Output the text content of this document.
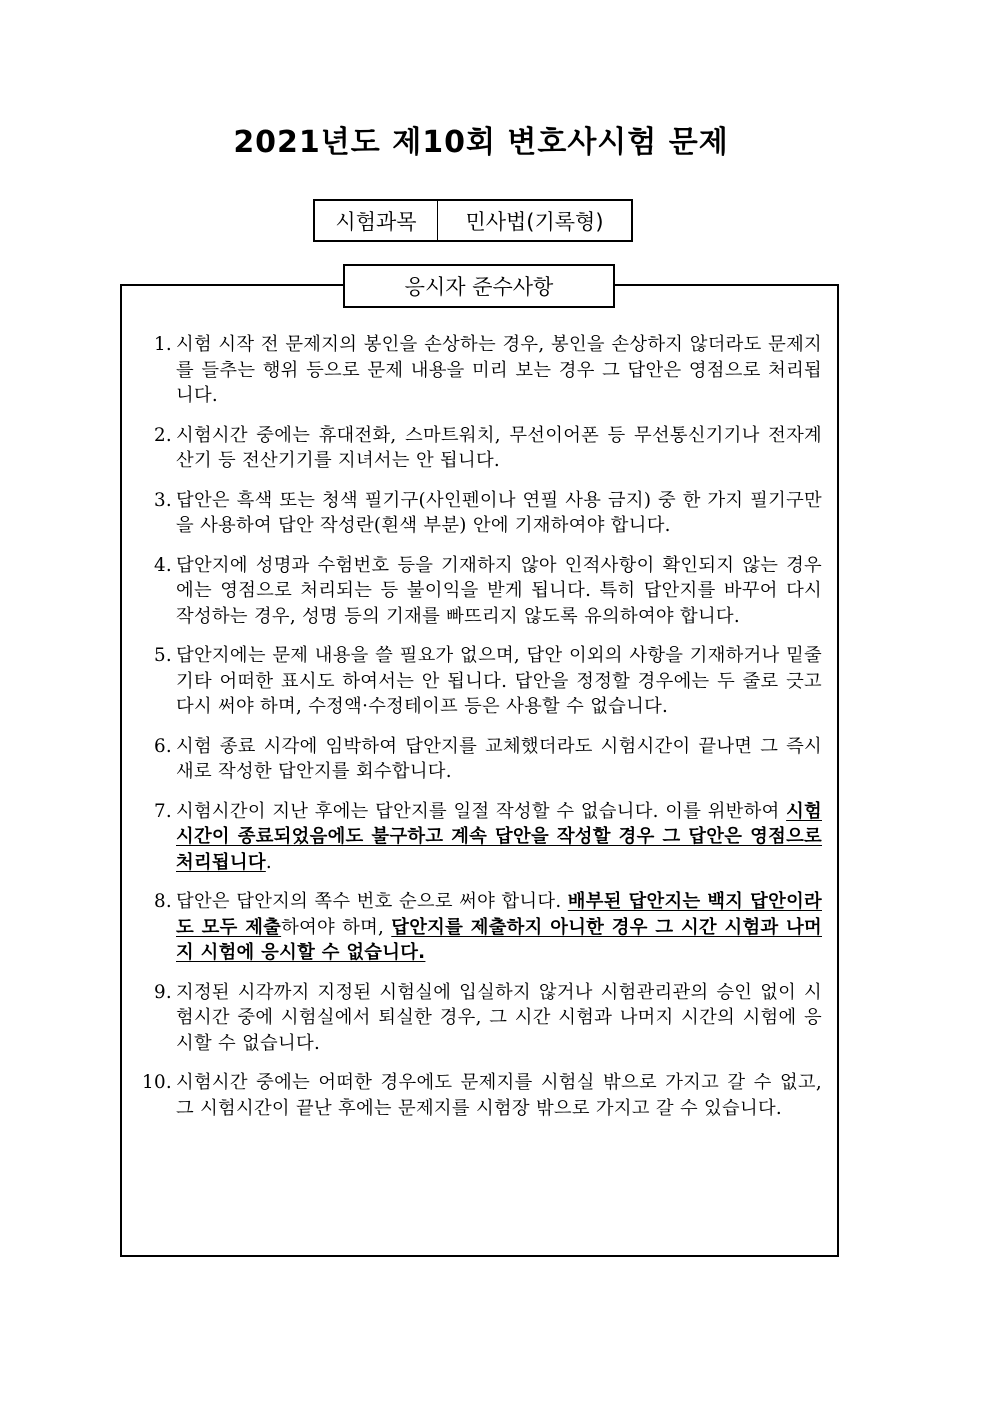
2021년도 제10회 변호사시험 문제
시험과목	민사법(기록형)
응시자 준수사항
1. 시험 시작 전 문제지의 봉인을 손상하는 경우, 봉인을 손상하지 않더라도 문제지를 들추는 행위 등으로 문제 내용을 미리 보는 경우 그 답안은 영점으로 처리됩니다.
2. 시험시간 중에는 휴대전화, 스마트워치, 무선이어폰 등 무선통신기기나 전자계산기 등 전산기기를 지녀서는 안 됩니다.
3. 답안은 흑색 또는 청색 필기구(사인펜이나 연필 사용 금지) 중 한 가지 필기구만을 사용하여 답안 작성란(흰색 부분) 안에 기재하여야 합니다.
4. 답안지에 성명과 수험번호 등을 기재하지 않아 인적사항이 확인되지 않는 경우에는 영점으로 처리되는 등 불이익을 받게 됩니다. 특히 답안지를 바꾸어 다시 작성하는 경우, 성명 등의 기재를 빠뜨리지 않도록 유의하여야 합니다.
5. 답안지에는 문제 내용을 쓸 필요가 없으며, 답안 이외의 사항을 기재하거나 밑줄 기타 어떠한 표시도 하여서는 안 됩니다. 답안을 정정할 경우에는 두 줄로 긋고 다시 써야 하며, 수정액·수정테이프 등은 사용할 수 없습니다.
6. 시험 종료 시각에 임박하여 답안지를 교체했더라도 시험시간이 끝나면 그 즉시 새로 작성한 답안지를 회수합니다.
7. 시험시간이 지난 후에는 답안지를 일절 작성할 수 없습니다. 이를 위반하여 시험시간이 종료되었음에도 불구하고 계속 답안을 작성할 경우 그 답안은 영점으로 처리됩니다.
8. 답안은 답안지의 쪽수 번호 순으로 써야 합니다. 배부된 답안지는 백지 답안이라도 모두 제출하여야 하며, 답안지를 제출하지 아니한 경우 그 시간 시험과 나머지 시험에 응시할 수 없습니다.
9. 지정된 시각까지 지정된 시험실에 입실하지 않거나 시험관리관의 승인 없이 시험시간 중에 시험실에서 퇴실한 경우, 그 시간 시험과 나머지 시간의 시험에 응시할 수 없습니다.
10. 시험시간 중에는 어떠한 경우에도 문제지를 시험실 밖으로 가지고 갈 수 없고, 그 시험시간이 끝난 후에는 문제지를 시험장 밖으로 가지고 갈 수 있습니다.
